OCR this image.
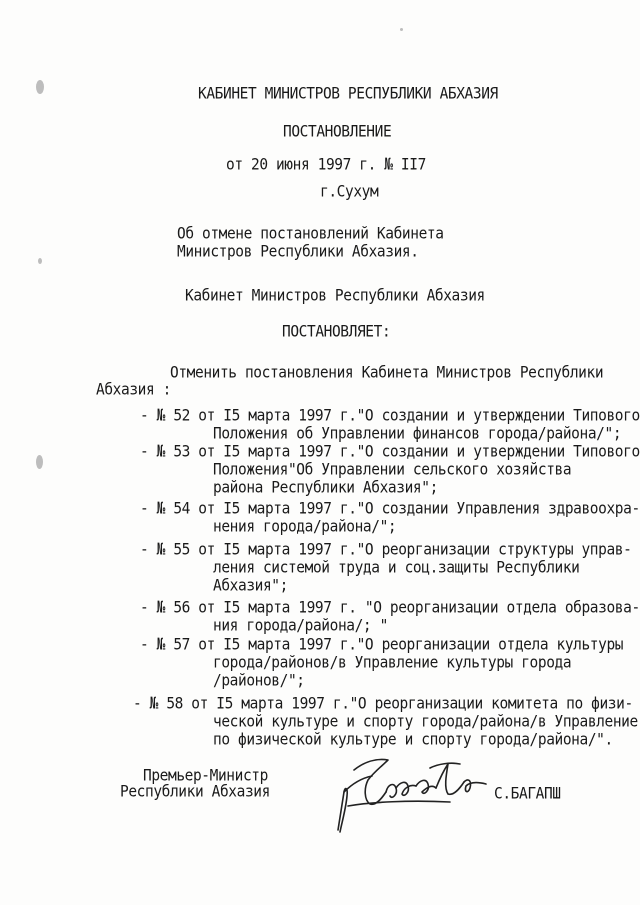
КАБИНЕТ МИНИСТРОВ РЕСПУБЛИКИ АБХАЗИЯ
ПОСТАНОВЛЕНИЕ
от 20 июня 1997 г. № II7
г.Сухум
Об отмене постановлений Кабинета
Министров Республики Абхазия.
Кабинет Министров Республики Абхазия
ПОСТАНОВЛЯЕТ:
Отменить постановления Кабинета Министров Республики
Абхазия :
- № 52 от I5 марта 1997 г."О создании и утверждении Типового
Положения об Управлении финансов города/района/";
- № 53 от I5 марта 1997 г."О создании и утверждении Типового
Положения"Об Управлении сельского хозяйства
района Республики Абхазия";
- № 54 от I5 марта 1997 г."О создании Управления здравоохра-
нения города/района/";
- № 55 от I5 марта 1997 г."О реорганизации структуры управ-
ления системой труда и соц.защиты Республики
Абхазия";
- № 56 от I5 марта 1997 г. "О реорганизации отдела образова-
ния города/района/; "
- № 57 от I5 марта 1997 г."О реорганизации отдела культуры
города/районов/в Управление культуры города
/районов/";
- № 58 от I5 марта 1997 г."О реорганизации комитета по физи-
ческой культуре и спорту города/района/в Управление
по физической культуре и спорту города/района/".
Премьер-Министр
Республики Абхазия	С.БАГАПШ
